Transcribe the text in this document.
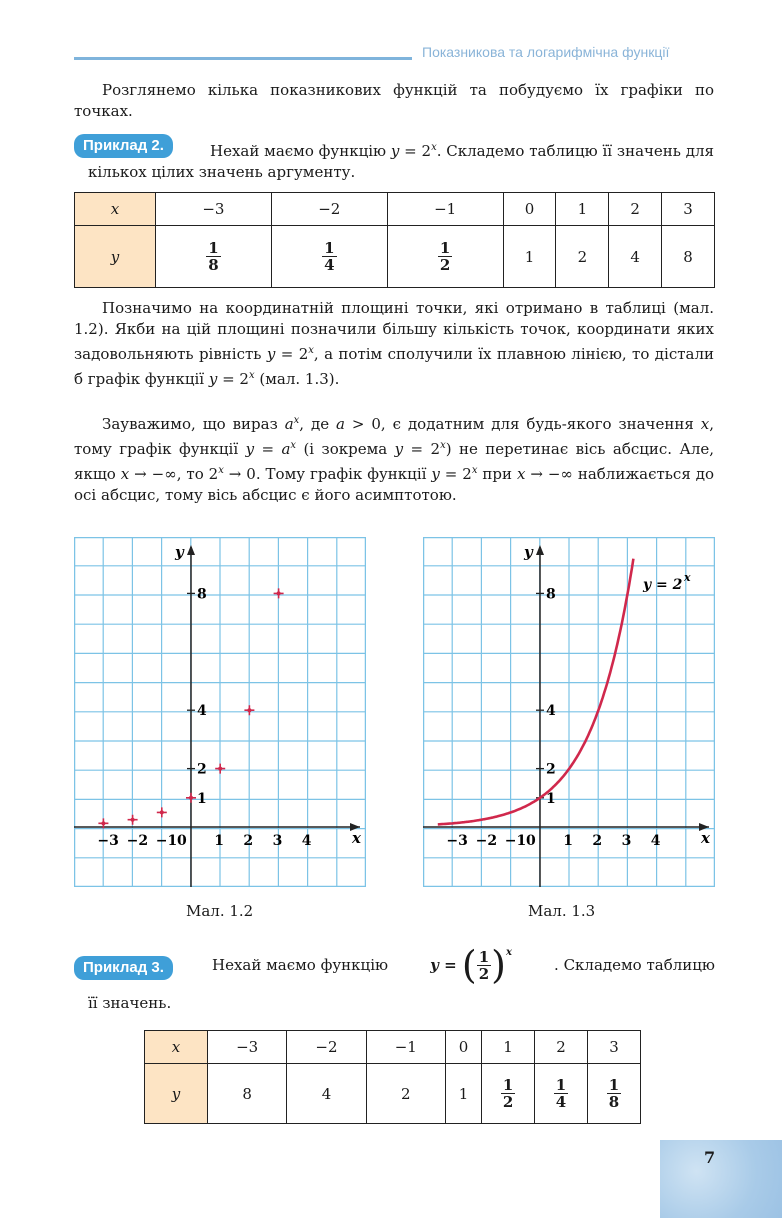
Показникова та логарифмічна функції
Розглянемо кілька показникових функцій та побудуємо їх графіки по точках.
Приклад 2.	Нехай маємо функцію $y = 2^x$. Складемо таблицю її значень для кількох цілих значень аргументу.
x	−3	−2	−1	0	1	2	3
y	$\frac{1}{8}$	$\frac{1}{4}$	$\frac{1}{2}$	1	2	4	8
Позначимо на координатній площині точки, які отримано в таблиці (мал. 1.2). Якби на цій площині позначили більшу кількість точок, координати яких задовольняють рівність $y = 2^x$, а потім сполучили їх плавною лінією, то дістали б графік функції $y = 2^x$ (мал. 1.3).
Зауважимо, що вираз $a^x$, де a > 0, є додатним для будь-якого значення x, тому графік функції $y = a^x$ (і зокрема $y = 2^x$) не перетинає вісь абсцис. Але, якщо x → −∞, то $2^x \to 0$. Тому графік функції $y = 2^x$ при x → −∞ наближається до осі абсцис, тому вісь абсцис є його асимптотою.
x
y
−3 −2 −1 0 1 2 3 4
1
2
4
8
x
y
−3 −2 −1 0 1 2 3 4
1
2
4
8
y = 2 x
Мал. 1.2	Мал. 1.3
Приклад 3.	Нехай маємо функцію	y = ( $\frac{1}{2}$ ) $^x$
. Складемо таблицю
її значень.
x	−3	−2	−1	0	1	2	3
y	8	4	2	1	$\frac{1}{2}$	$\frac{1}{4}$	$\frac{1}{8}$
7
